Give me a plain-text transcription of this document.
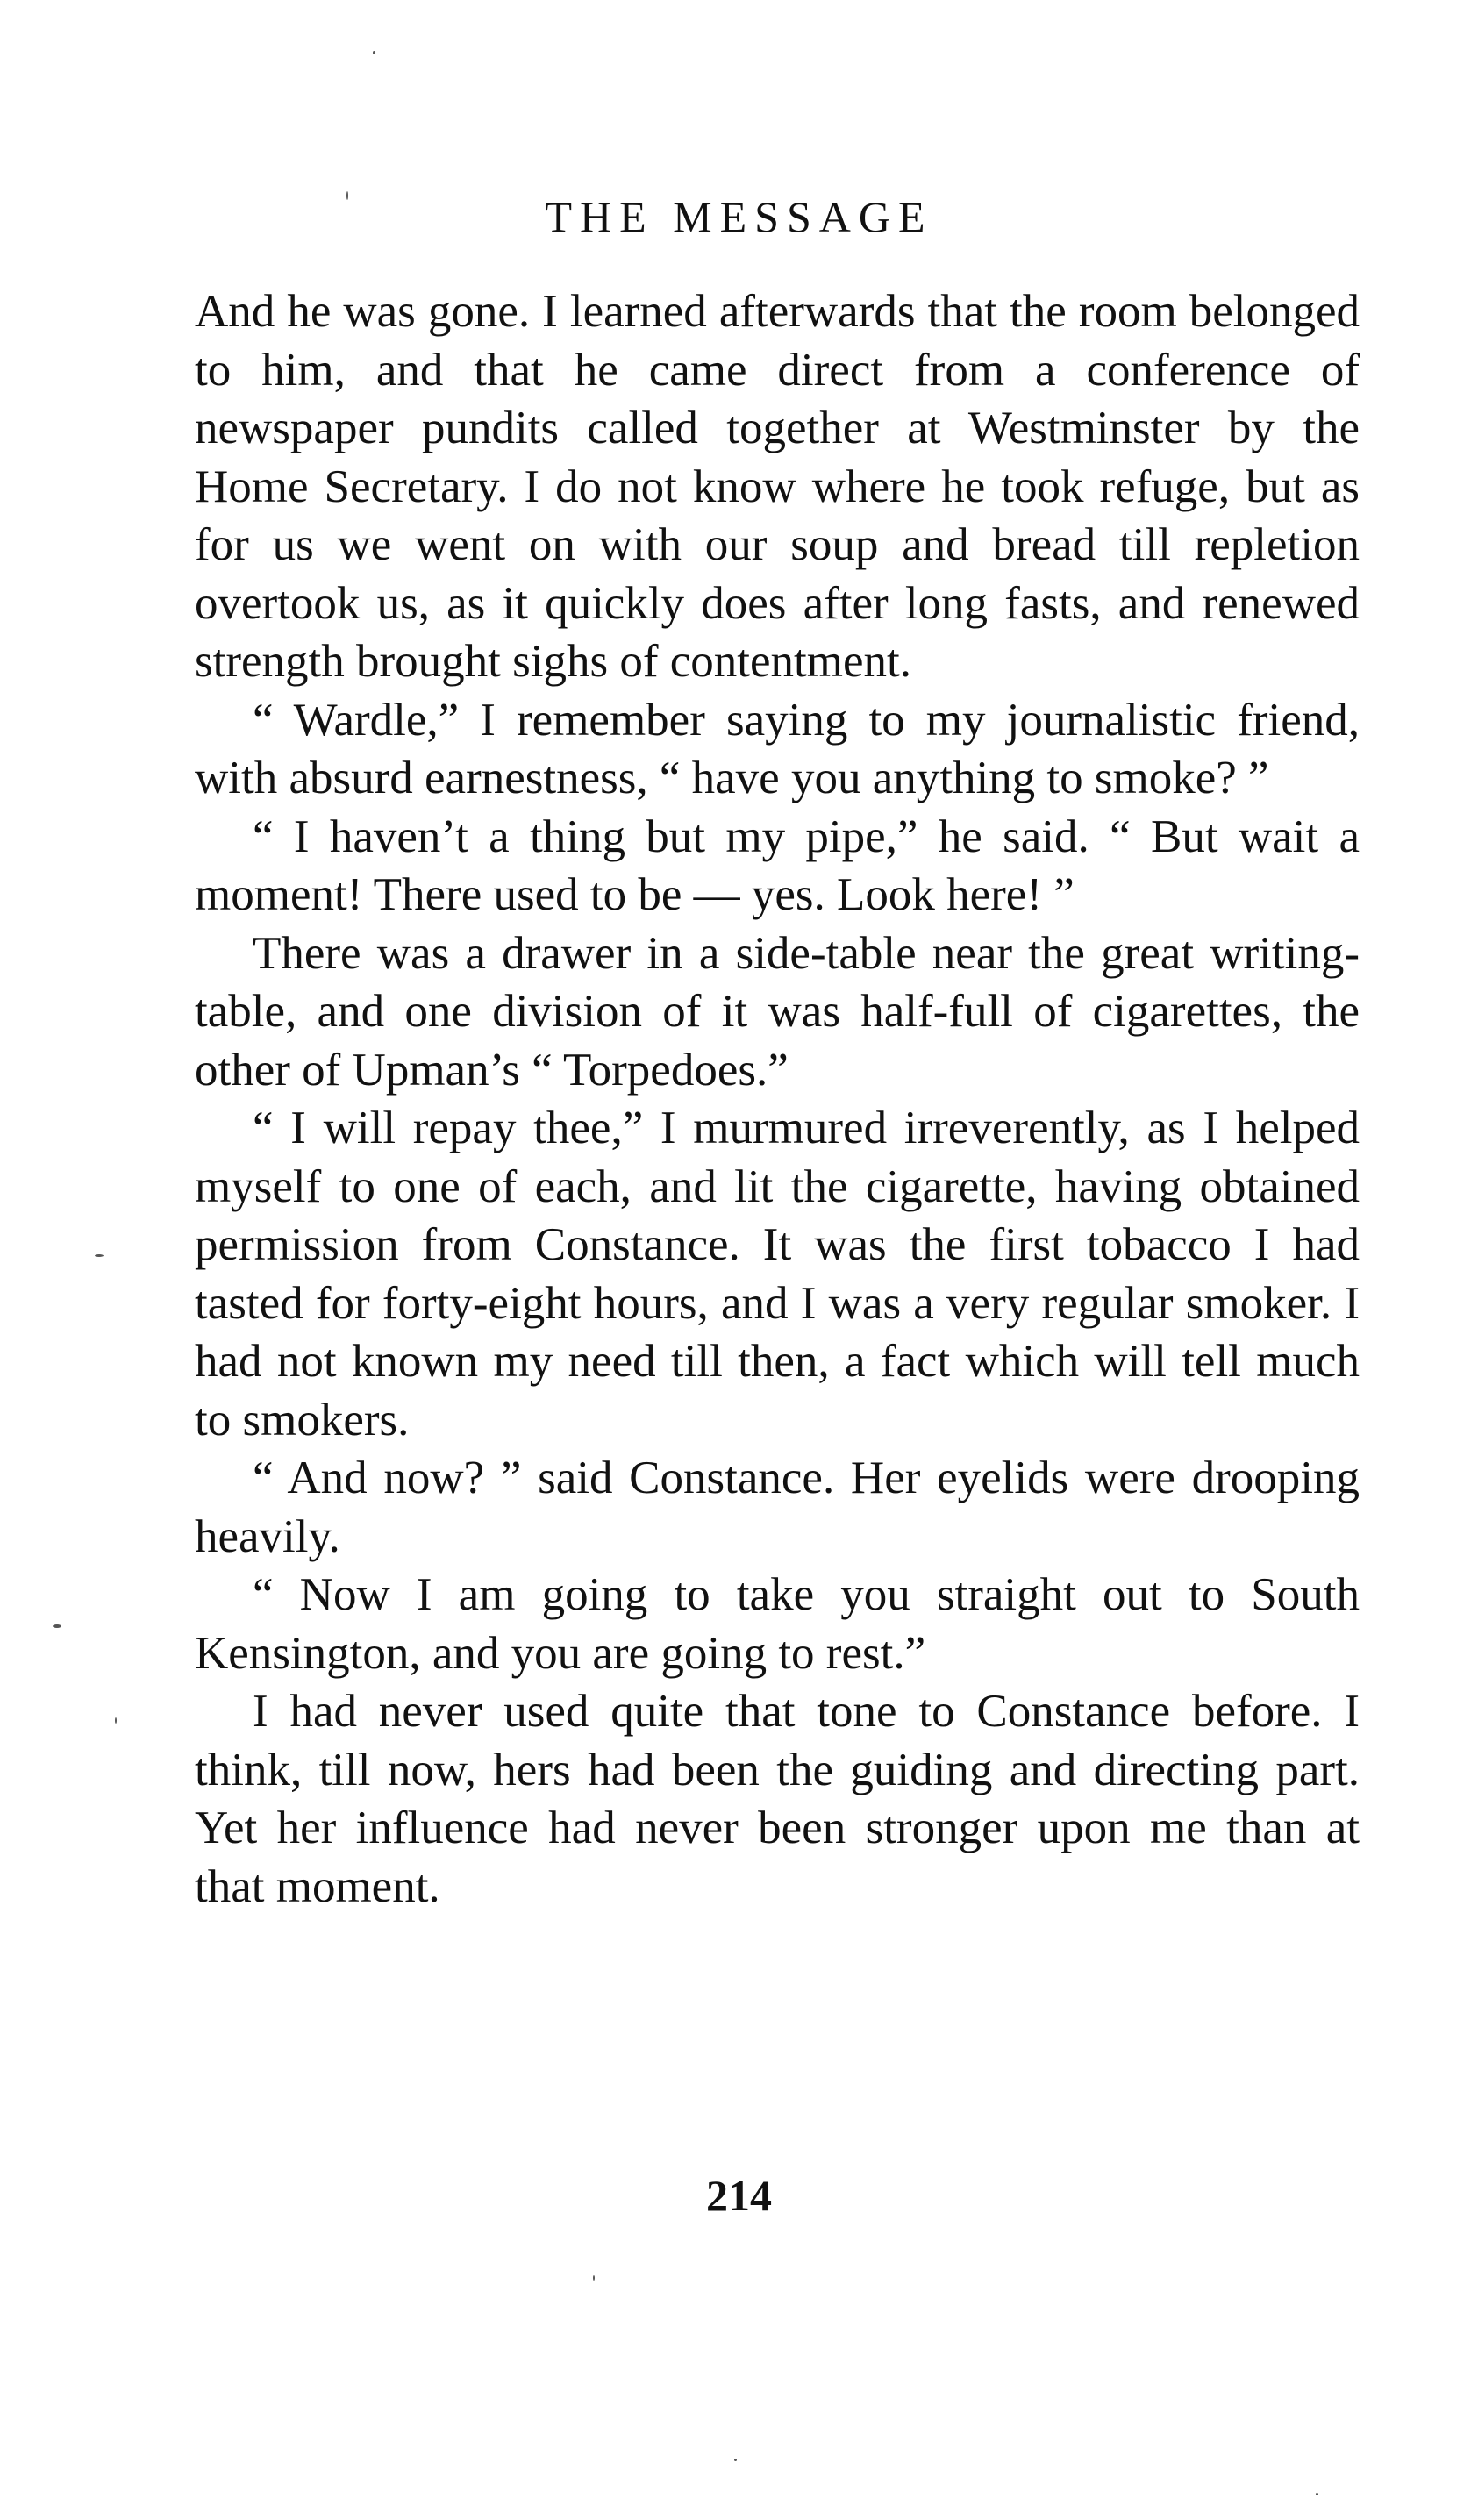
THE MESSAGE

And he was gone. I learned afterwards that the room belonged to him, and that he came direct from a conference of newspaper pundits called together at Westminster by the Home Secretary. I do not know where he took refuge, but as for us we went on with our soup and bread till repletion overtook us, as it quickly does after long fasts, and renewed strength brought sighs of contentment.

“ Wardle,” I remember saying to my journalistic friend, with absurd earnestness, “ have you anything to smoke? ”

“ I haven’t a thing but my pipe,” he said. “ But wait a moment! There used to be — yes. Look here! ”

There was a drawer in a side-table near the great writing-table, and one division of it was half-full of cigarettes, the other of Upman’s “ Torpedoes.”

“ I will repay thee,” I murmured irreverently, as I helped myself to one of each, and lit the cigarette, having obtained permission from Constance. It was the first tobacco I had tasted for forty-eight hours, and I was a very regular smoker. I had not known my need till then, a fact which will tell much to smokers.

“ And now? ” said Constance. Her eyelids were drooping heavily.

“ Now I am going to take you straight out to South Kensington, and you are going to rest.”

I had never used quite that tone to Constance before. I think, till now, hers had been the guiding and directing part. Yet her influence had never been stronger upon me than at that moment.

214
